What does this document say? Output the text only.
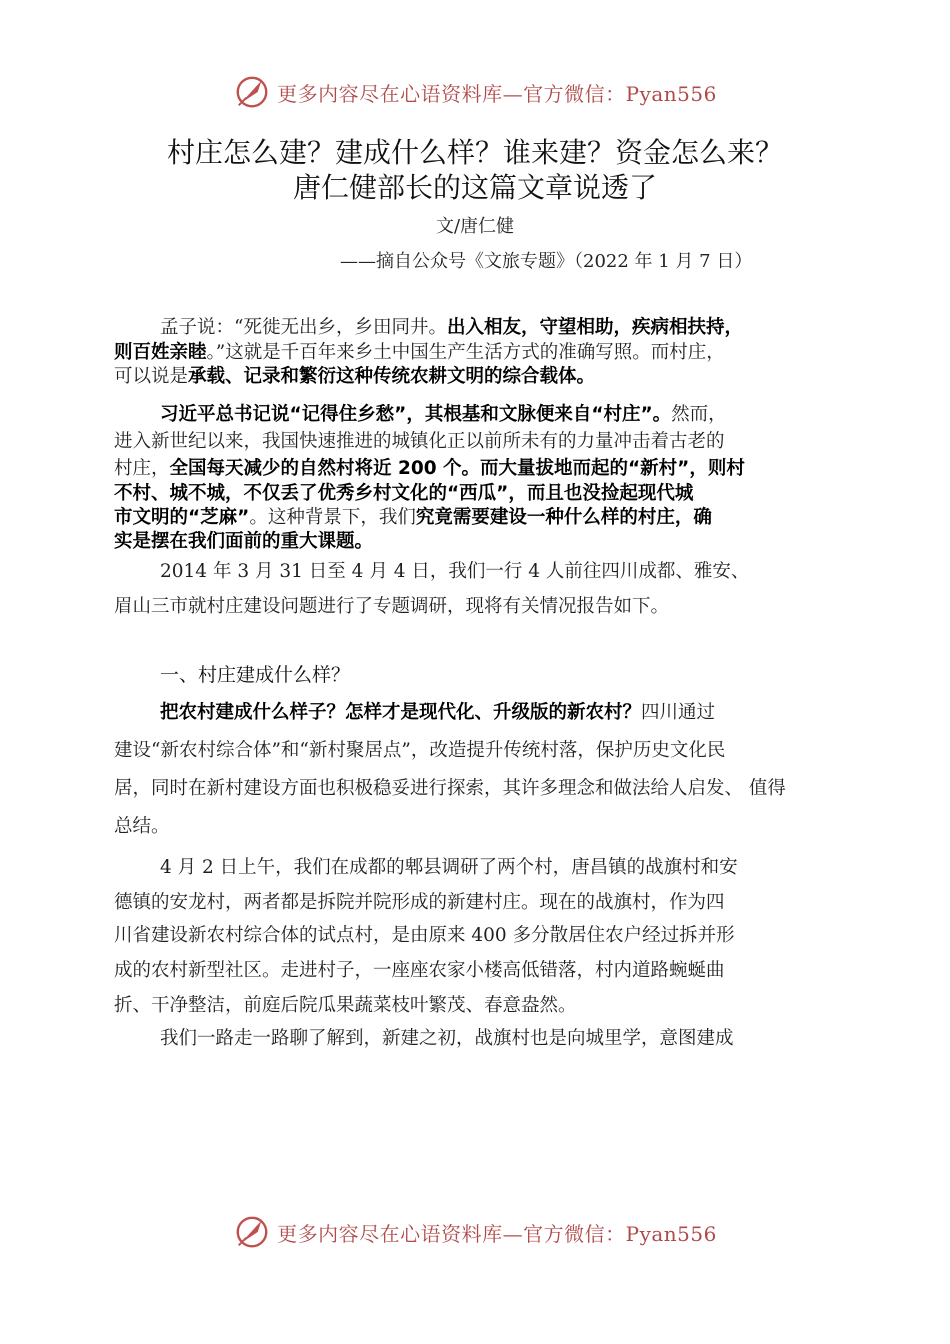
更多内容尽在心语资料库—官方微信：Pyan556
村庄怎么建？建成什么样？谁来建？资金怎么来？
唐仁健部长的这篇文章说透了
文/唐仁健
——摘自公众号《文旅专题》（2022 年 1 月 7 日）
孟子说：“死徙无出乡，乡田同井。出入相友，守望相助，疾病相扶持，
则百姓亲睦。”这就是千百年来乡土中国生产生活方式的准确写照。而村庄，
可以说是承载、记录和繁衍这种传统农耕文明的综合载体。
习近平总书记说“记得住乡愁”，其根基和文脉便来自“村庄”。然而，
进入新世纪以来，我国快速推进的城镇化正以前所未有的力量冲击着古老的
村庄，全国每天减少的自然村将近 200 个。而大量拔地而起的“新村”，则村
不村、城不城，不仅丢了优秀乡村文化的“西瓜”，而且也没捡起现代城
市文明的“芝麻”。这种背景下，我们究竟需要建设一种什么样的村庄，确
实是摆在我们面前的重大课题。
2014 年 3 月 31 日至 4 月 4 日，我们一行 4 人前往四川成都、雅安、
眉山三市就村庄建设问题进行了专题调研，现将有关情况报告如下。
一、村庄建成什么样？
把农村建成什么样子？怎样才是现代化、升级版的新农村？四川通过
建设“新农村综合体”和“新村聚居点”，改造提升传统村落，保护历史文化民
居，同时在新村建设方面也积极稳妥进行探索，其许多理念和做法给人启发、 值得
总结。
4 月 2 日上午，我们在成都的郫县调研了两个村，唐昌镇的战旗村和安
德镇的安龙村，两者都是拆院并院形成的新建村庄。现在的战旗村，作为四
川省建设新农村综合体的试点村，是由原来 400 多分散居住农户经过拆并形
成的农村新型社区。走进村子，一座座农家小楼高低错落，村内道路蜿蜒曲
折、干净整洁，前庭后院瓜果蔬菜枝叶繁茂、春意盎然。
我们一路走一路聊了解到，新建之初，战旗村也是向城里学，意图建成
更多内容尽在心语资料库—官方微信：Pyan556
